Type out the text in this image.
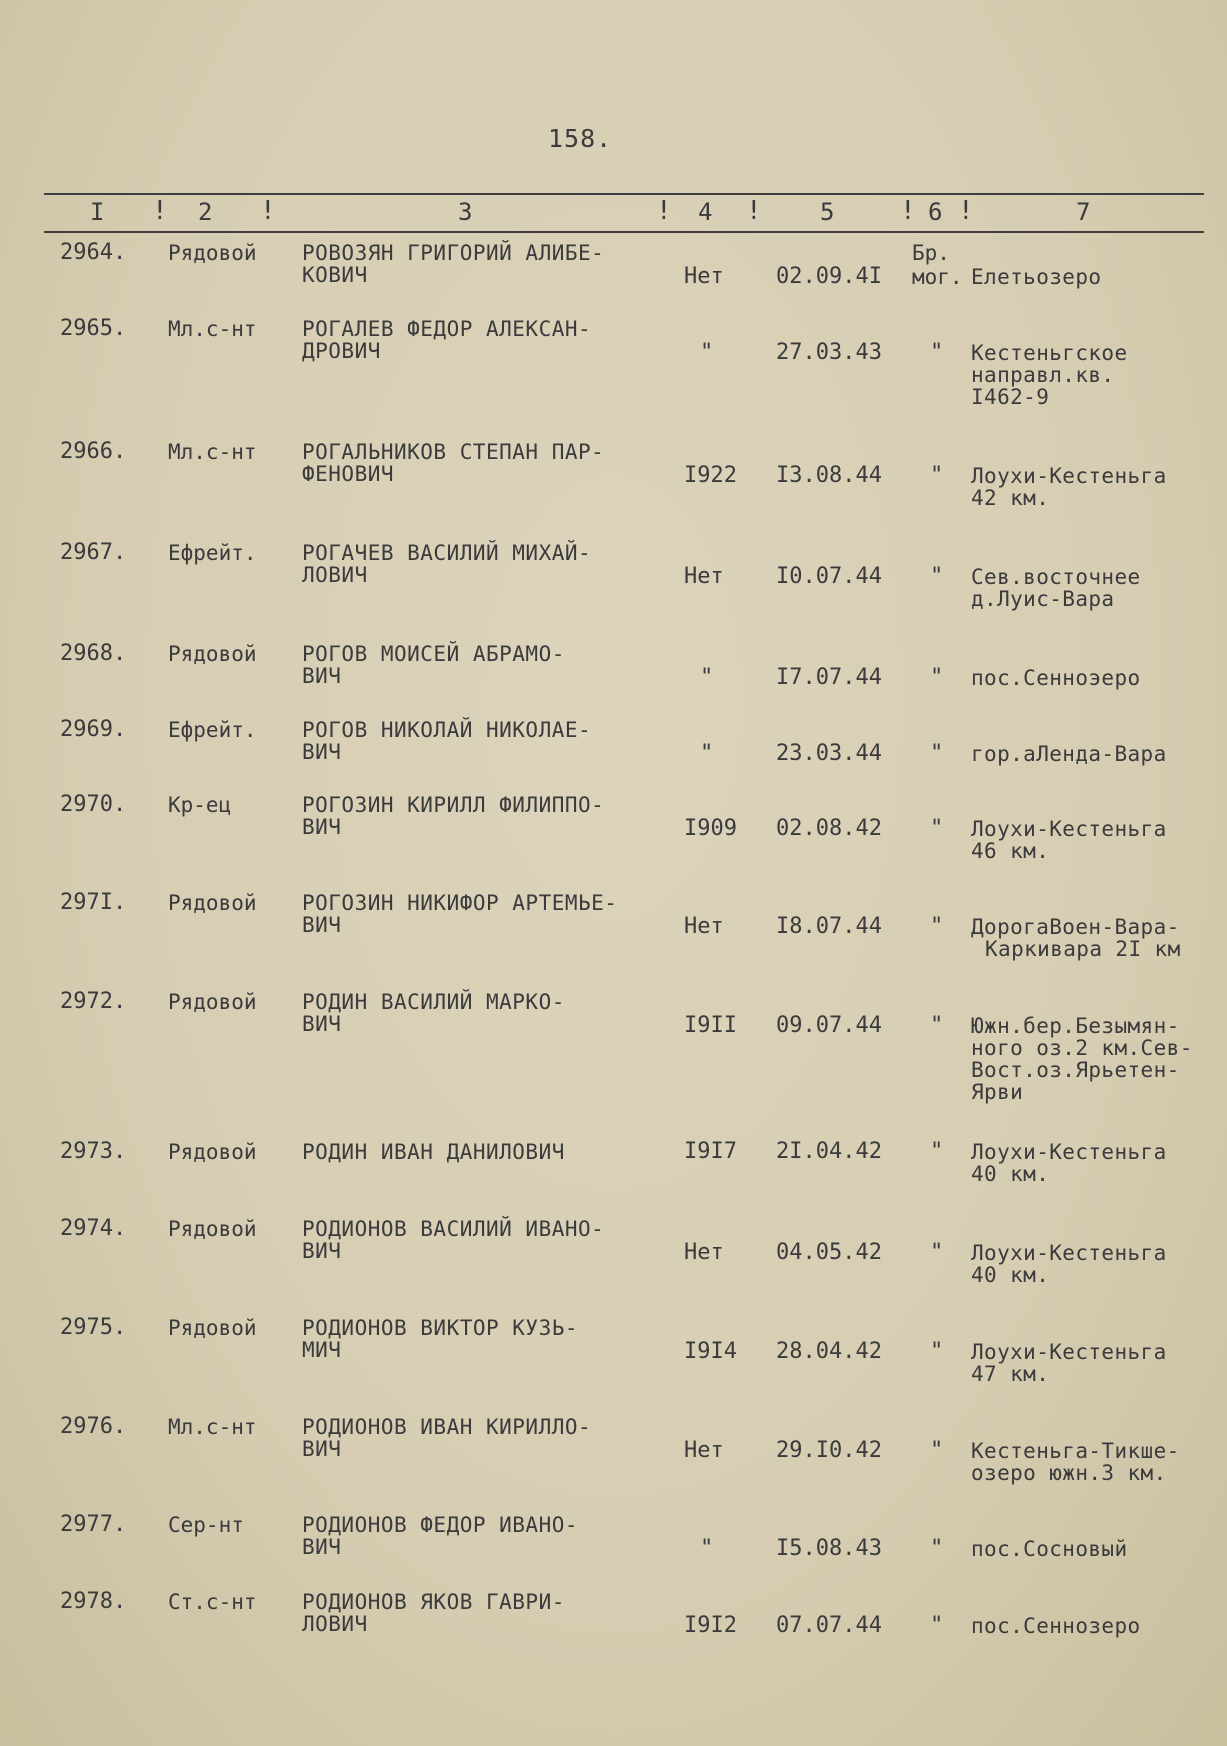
158.
I ! 2 !	3	! 4 ! 5	! 6 !	7
2964. Рядовой РОВОЗЯН ГРИГОРИЙ АЛИБЕ-
КОВИЧ	Нет 02.09.4I
Бр.
мог. Елетьозеро
2965. Мл.с-нт РОГАЛЕВ ФЕДОР АЛЕКСАН-
ДРОВИЧ	"	27.03.43 " Кестеньгское
направл.кв.
I462-9
2966. Мл.с-нт РОГАЛЬНИКОВ СТЕПАН ПАР-
ФЕНОВИЧ	I922 I3.08.44 " Лоухи-Кестеньга
42 км.
2967. Ефрейт. РОГАЧЕВ ВАСИЛИЙ МИХАЙ-
ЛОВИЧ	Нет I0.07.44 " Сев.восточнее
д.Луис-Вара
2968. Рядовой РОГОВ МОИСЕЙ АБРАМО-
ВИЧ	"	I7.07.44 " пос.Сенноэеро
2969. Ефрейт. РОГОВ НИКОЛАЙ НИКОЛАЕ-
ВИЧ	"	23.03.44 " гор.аЛенда-Вара
2970. Кр-ец	РОГОЗИН КИРИЛЛ ФИЛИППО-
ВИЧ	I909 02.08.42 " Лоухи-Кестеньга
46 км.
297I. Рядовой РОГОЗИН НИКИФОР АРТЕМЬЕ-
ВИЧ	Нет I8.07.44 " ДорогаВоен-Вара-
Каркивара 2I км
2972. Рядовой РОДИН ВАСИЛИЙ МАРКО-
ВИЧ	I9II 09.07.44 " Южн.бер.Безымян-
ного оз.2 км.Сев-
Вост.оз.Ярьетен-
Ярви
2973. Рядовой РОДИН ИВАН ДАНИЛОВИЧ	I9I7 2I.04.42 " Лоухи-Кестеньга
40 км.
2974. Рядовой РОДИОНОВ ВАСИЛИЙ ИВАНО-
ВИЧ	Нет 04.05.42 " Лоухи-Кестеньга
40 км.
2975. Рядовой РОДИОНОВ ВИКТОР КУЗЬ-
МИЧ	I9I4 28.04.42 " Лоухи-Кестеньга
47 км.
2976. Мл.с-нт РОДИОНОВ ИВАН КИРИЛЛО-
ВИЧ	Нет 29.I0.42 " Кестеньга-Тикше-
озеро южн.3 км.
2977. Сер-нт	РОДИОНОВ ФЕДОР ИВАНО-
ВИЧ	"	I5.08.43 " пос.Сосновый
2978. Ст.с-нт РОДИОНОВ ЯКОВ ГАВРИ-
ЛОВИЧ	I9I2 07.07.44 " пос.Сеннозеро
